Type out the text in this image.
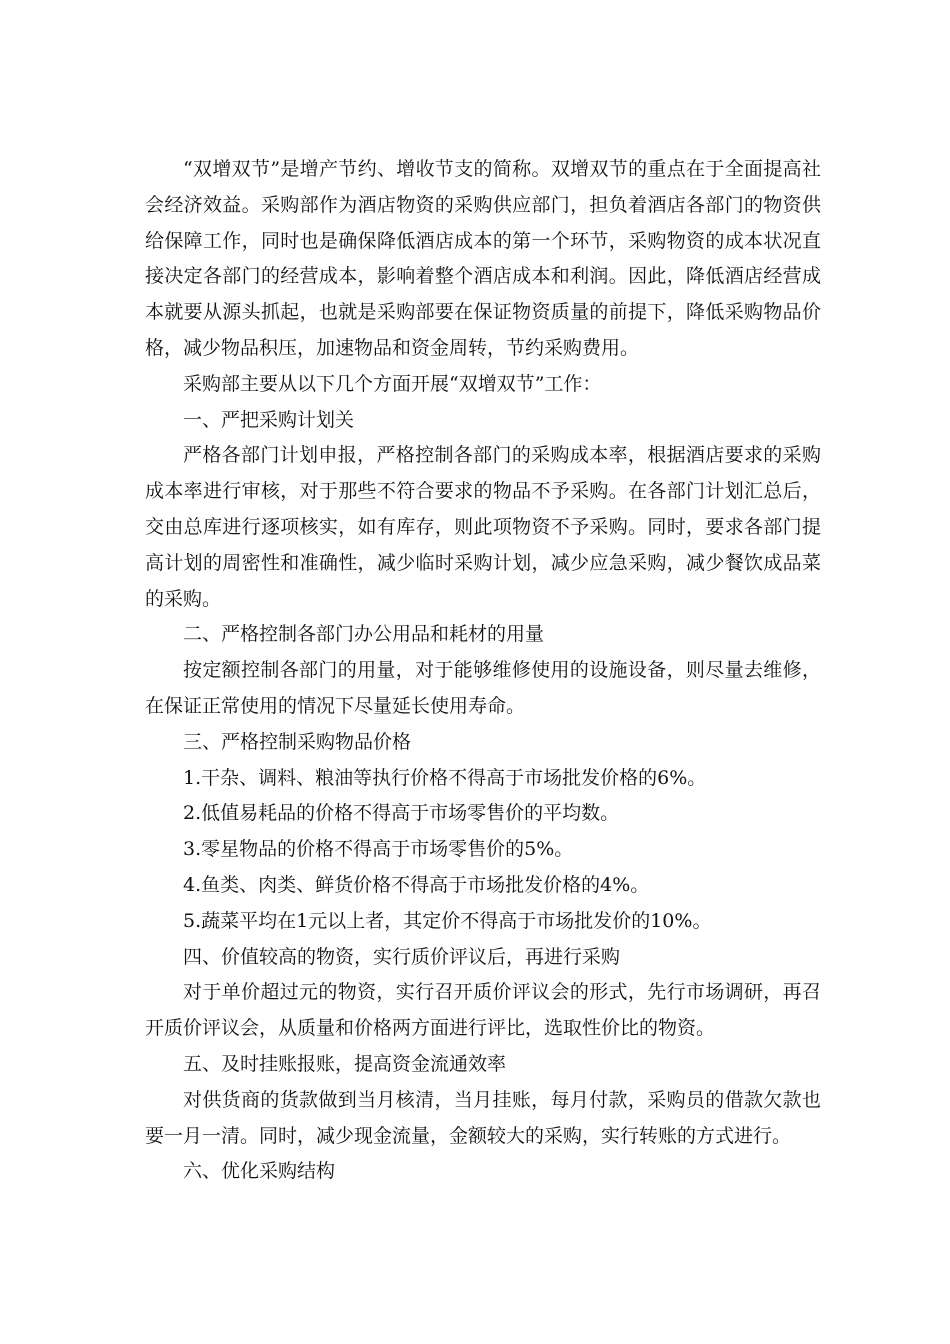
“双增双节”是增产节约、增收节支的简称。双增双节的重点在于全面提高社会经济效益。采购部作为酒店物资的采购供应部门，担负着酒店各部门的物资供给保障工作，同时也是确保降低酒店成本的第一个环节，采购物资的成本状况直接决定各部门的经营成本，影响着整个酒店成本和利润。因此，降低酒店经营成本就要从源头抓起，也就是采购部要在保证物资质量的前提下，降低采购物品价格，减少物品积压，加速物品和资金周转，节约采购费用。

采购部主要从以下几个方面开展“双增双节”工作：

一、严把采购计划关

严格各部门计划申报，严格控制各部门的采购成本率，根据酒店要求的采购成本率进行审核，对于那些不符合要求的物品不予采购。在各部门计划汇总后，交由总库进行逐项核实，如有库存，则此项物资不予采购。同时，要求各部门提高计划的周密性和准确性，减少临时采购计划，减少应急采购，减少餐饮成品菜的采购。

二、严格控制各部门办公用品和耗材的用量

按定额控制各部门的用量，对于能够维修使用的设施设备，则尽量去维修，在保证正常使用的情况下尽量延长使用寿命。

三、严格控制采购物品价格

1.干杂、调料、粮油等执行价格不得高于市场批发价格的6%。

2.低值易耗品的价格不得高于市场零售价的平均数。

3.零星物品的价格不得高于市场零售价的5%。

4.鱼类、肉类、鲜货价格不得高于市场批发价格的4%。

5.蔬菜平均在1元以上者，其定价不得高于市场批发价的10%。

四、价值较高的物资，实行质价评议后，再进行采购

对于单价超过元的物资，实行召开质价评议会的形式，先行市场调研，再召开质价评议会，从质量和价格两方面进行评比，选取性价比的物资。

五、及时挂账报账，提高资金流通效率

对供货商的货款做到当月核清，当月挂账，每月付款，采购员的借款欠款也要一月一清。同时，减少现金流量，金额较大的采购，实行转账的方式进行。

六、优化采购结构
